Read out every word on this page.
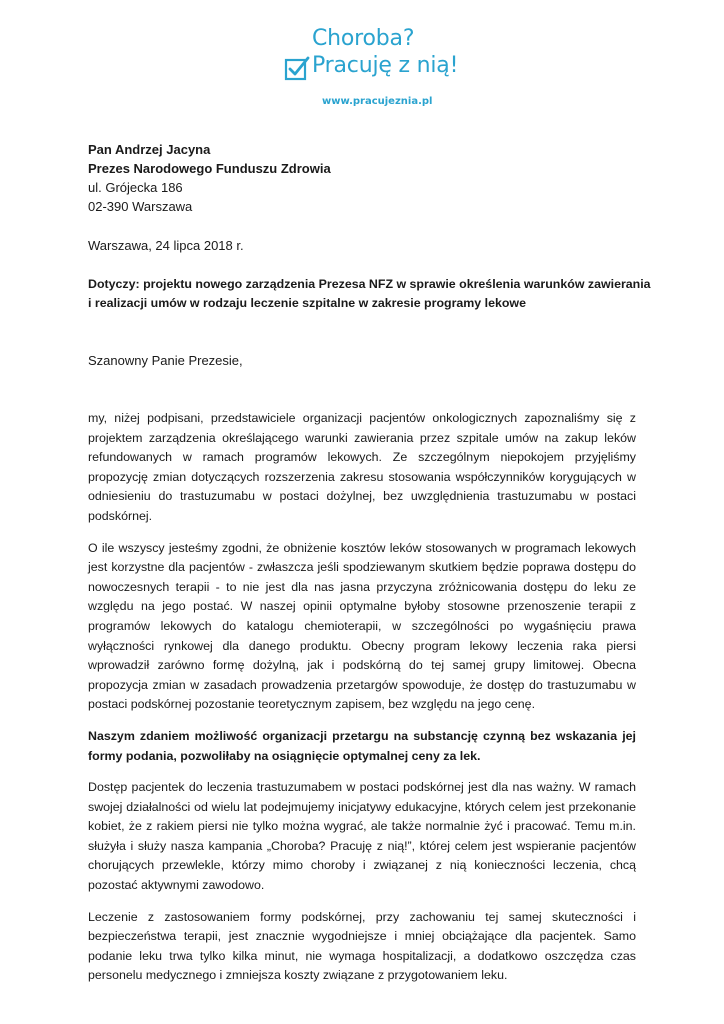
Choroba?
Pracuję z nią!
www.pracujeznia.pl

Pan Andrzej Jacyna

Prezes Narodowego Funduszu Zdrowia

ul. Grójecka 186

02-390 Warszawa

Warszawa, 24 lipca 2018 r.

Dotyczy: projektu nowego zarządzenia Prezesa NFZ w sprawie określenia warunków zawierania
i realizacji umów w rodzaju leczenie szpitalne w zakresie programy lekowe

Szanowny Panie Prezesie,

my, niżej podpisani, przedstawiciele organizacji pacjentów onkologicznych zapoznaliśmy się z projektem zarządzenia określającego warunki zawierania przez szpitale umów na zakup leków refundowanych w ramach programów lekowych. Ze szczególnym niepokojem przyjęliśmy propozycję zmian dotyczących rozszerzenia zakresu stosowania współczynników korygujących w odniesieniu do trastuzumabu w postaci dożylnej, bez uwzględnienia trastuzumabu w postaci podskórnej.

O ile wszyscy jesteśmy zgodni, że obniżenie kosztów leków stosowanych w programach lekowych jest korzystne dla pacjentów - zwłaszcza jeśli spodziewanym skutkiem będzie poprawa dostępu do nowoczesnych terapii - to nie jest dla nas jasna przyczyna zróżnicowania dostępu do leku ze względu na jego postać. W naszej opinii optymalne byłoby stosowne przenoszenie terapii z programów lekowych do katalogu chemioterapii, w szczególności po wygaśnięciu prawa wyłączności rynkowej dla danego produktu. Obecny program lekowy leczenia raka piersi wprowadził zarówno formę dożylną, jak i podskórną do tej samej grupy limitowej. Obecna propozycja zmian w zasadach prowadzenia przetargów spowoduje, że dostęp do trastuzumabu w postaci podskórnej pozostanie teoretycznym zapisem, bez względu na jego cenę.

Naszym zdaniem możliwość organizacji przetargu na substancję czynną bez wskazania jej formy podania, pozwoliłaby na osiągnięcie optymalnej ceny za lek.

Dostęp pacjentek do leczenia trastuzumabem w postaci podskórnej jest dla nas ważny. W ramach swojej działalności od wielu lat podejmujemy inicjatywy edukacyjne, których celem jest przekonanie kobiet, że z rakiem piersi nie tylko można wygrać, ale także normalnie żyć i pracować. Temu m.in. służyła i służy nasza kampania „Choroba? Pracuję z nią!”, której celem jest wspieranie pacjentów chorujących przewlekle, którzy mimo choroby i związanej z nią konieczności leczenia, chcą pozostać aktywnymi zawodowo.

Leczenie z zastosowaniem formy podskórnej, przy zachowaniu tej samej skuteczności i bezpieczeństwa terapii, jest znacznie wygodniejsze i mniej obciążające dla pacjentek. Samo podanie leku trwa tylko kilka minut, nie wymaga hospitalizacji, a dodatkowo oszczędza czas personelu medycznego i zmniejsza koszty związane z przygotowaniem leku.
